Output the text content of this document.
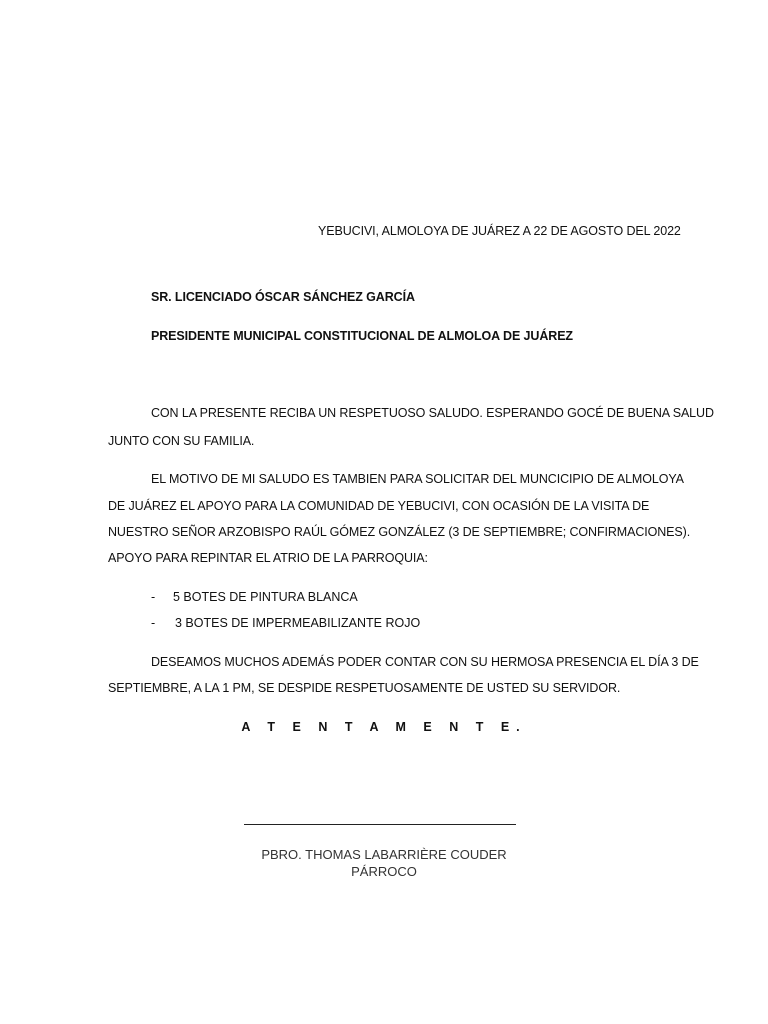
YEBUCIVI, ALMOLOYA DE JUÁREZ A 22 DE AGOSTO DEL 2022
SR. LICENCIADO ÓSCAR SÁNCHEZ GARCÍA
PRESIDENTE MUNICIPAL CONSTITUCIONAL DE ALMOLOA DE JUÁREZ
CON LA PRESENTE RECIBA UN RESPETUOSO SALUDO. ESPERANDO GOCÉ DE BUENA SALUD
JUNTO CON SU FAMILIA.
EL MOTIVO DE MI SALUDO ES TAMBIEN PARA SOLICITAR DEL MUNCICIPIO DE ALMOLOYA
DE JUÁREZ EL APOYO PARA LA COMUNIDAD DE YEBUCIVI, CON OCASIÓN DE LA VISITA DE
NUESTRO SEÑOR ARZOBISPO RAÚL GÓMEZ GONZÁLEZ (3 DE SEPTIEMBRE; CONFIRMACIONES).
APOYO PARA REPINTAR EL ATRIO DE LA PARROQUIA:
- 5 BOTES DE PINTURA BLANCA
- 3 BOTES DE IMPERMEABILIZANTE ROJO
DESEAMOS MUCHOS ADEMÁS PODER CONTAR CON SU HERMOSA PRESENCIA EL DÍA 3 DE
SEPTIEMBRE, A LA 1 PM, SE DESPIDE RESPETUOSAMENTE DE USTED SU SERVIDOR.
A T E N T A M E N T E.
PBRO. THOMAS LABARRIÈRE COUDER
PÁRROCO
